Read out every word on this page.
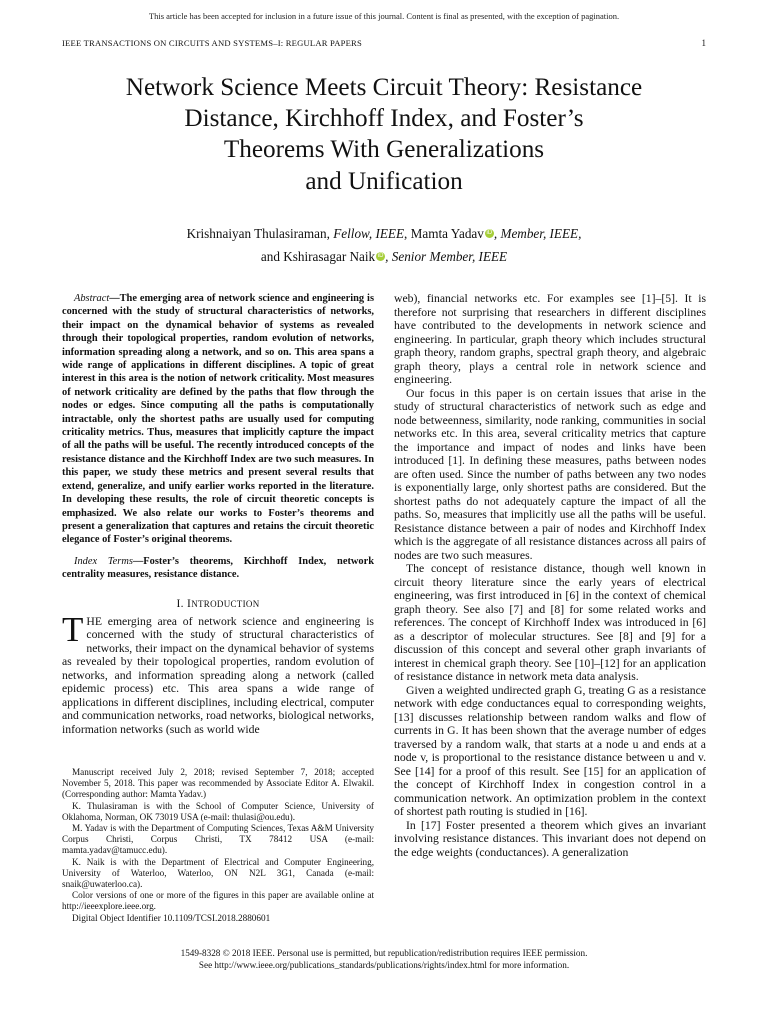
This article has been accepted for inclusion in a future issue of this journal. Content is final as presented, with the exception of pagination.
IEEE TRANSACTIONS ON CIRCUITS AND SYSTEMS–I: REGULAR PAPERS	1
Network Science Meets Circuit Theory: Resistance
Distance, Kirchhoff Index, and Foster’s
Theorems With Generalizations
and Unification
Krishnaiyan Thulasiraman, Fellow, IEEE, Mamta Yadav iD , Member, IEEE,
and Kshirasagar Naik iD , Senior Member, IEEE

Abstract—The emerging area of network science and engineering is concerned with the study of structural characteristics of networks, their impact on the dynamical behavior of systems as revealed through their topological properties, random evolution of networks, information spreading along a network, and so on. This area spans a wide range of applications in different disciplines. A topic of great interest in this area is the notion of network criticality. Most measures of network criticality are defined by the paths that flow through the nodes or edges. Since computing all the paths is computationally intractable, only the shortest paths are usually used for computing criticality metrics. Thus, measures that implicitly capture the impact of all the paths will be useful. The recently introduced concepts of the resistance distance and the Kirchhoff Index are two such measures. In this paper, we study these metrics and present several results that extend, generalize, and unify earlier works reported in the literature. In developing these results, the role of circuit theoretic concepts is emphasized. We also relate our works to Foster’s theorems and present a generalization that captures and retains the circuit theoretic elegance of Foster’s original theorems.

Index Terms—Foster’s theorems, Kirchhoff Index, network centrality measures, resistance distance.

I. INTRODUCTION

THE emerging area of network science and engineering is concerned with the study of structural characteristics of networks, their impact on the dynamical behavior of systems as revealed by their topological properties, random evolution of networks, and information spreading along a network (called epidemic process) etc. This area spans a wide range of applications in different disciplines, including electrical, computer and communication networks, road networks, biological networks, information networks (such as world wide

Manuscript received July 2, 2018; revised September 7, 2018; accepted November 5, 2018. This paper was recommended by Associate Editor A. Elwakil. (Corresponding author: Mamta Yadav.)

K. Thulasiraman is with the School of Computer Science, University of Oklahoma, Norman, OK 73019 USA (e-mail: thulasi@ou.edu).

M. Yadav is with the Department of Computing Sciences, Texas A&M University Corpus Christi, Corpus Christi, TX 78412 USA (e-mail: mamta.yadav@tamucc.edu).

K. Naik is with the Department of Electrical and Computer Engineering, University of Waterloo, Waterloo, ON N2L 3G1, Canada (e-mail: snaik@uwaterloo.ca).

Color versions of one or more of the figures in this paper are available online at http://ieeexplore.ieee.org.

Digital Object Identifier 10.1109/TCSI.2018.2880601

web), financial networks etc. For examples see [1]–[5]. It is therefore not surprising that researchers in different disciplines have contributed to the developments in network science and engineering. In particular, graph theory which includes structural graph theory, random graphs, spectral graph theory, and algebraic graph theory, plays a central role in network science and engineering.

Our focus in this paper is on certain issues that arise in the study of structural characteristics of network such as edge and node betweenness, similarity, node ranking, communities in social networks etc. In this area, several criticality metrics that capture the importance and impact of nodes and links have been introduced [1]. In defining these measures, paths between nodes are often used. Since the number of paths between any two nodes is exponentially large, only shortest paths are considered. But the shortest paths do not adequately capture the impact of all the paths. So, measures that implicitly use all the paths will be useful. Resistance distance between a pair of nodes and Kirchhoff Index which is the aggregate of all resistance distances across all pairs of nodes are two such measures.

The concept of resistance distance, though well known in circuit theory literature since the early years of electrical engineering, was first introduced in [6] in the context of chemical graph theory. See also [7] and [8] for some related works and references. The concept of Kirchhoff Index was introduced in [6] as a descriptor of molecular structures. See [8] and [9] for a discussion of this concept and several other graph invariants of interest in chemical graph theory. See [10]–[12] for an application of resistance distance in network meta data analysis.

Given a weighted undirected graph G, treating G as a resistance network with edge conductances equal to corresponding weights, [13] discusses relationship between random walks and flow of currents in G. It has been shown that the average number of edges traversed by a random walk, that starts at a node u and ends at a node v, is proportional to the resistance distance between u and v. See [14] for a proof of this result. See [15] for an application of the concept of Kirchhoff Index in congestion control in a communication network. An optimization problem in the context of shortest path routing is studied in [16].

In [17] Foster presented a theorem which gives an invariant involving resistance distances. This invariant does not depend on the edge weights (conductances). A generalization

1549-8328 © 2018 IEEE. Personal use is permitted, but republication/redistribution requires IEEE permission.

See http://www.ieee.org/publications_standards/publications/rights/index.html for more information.
